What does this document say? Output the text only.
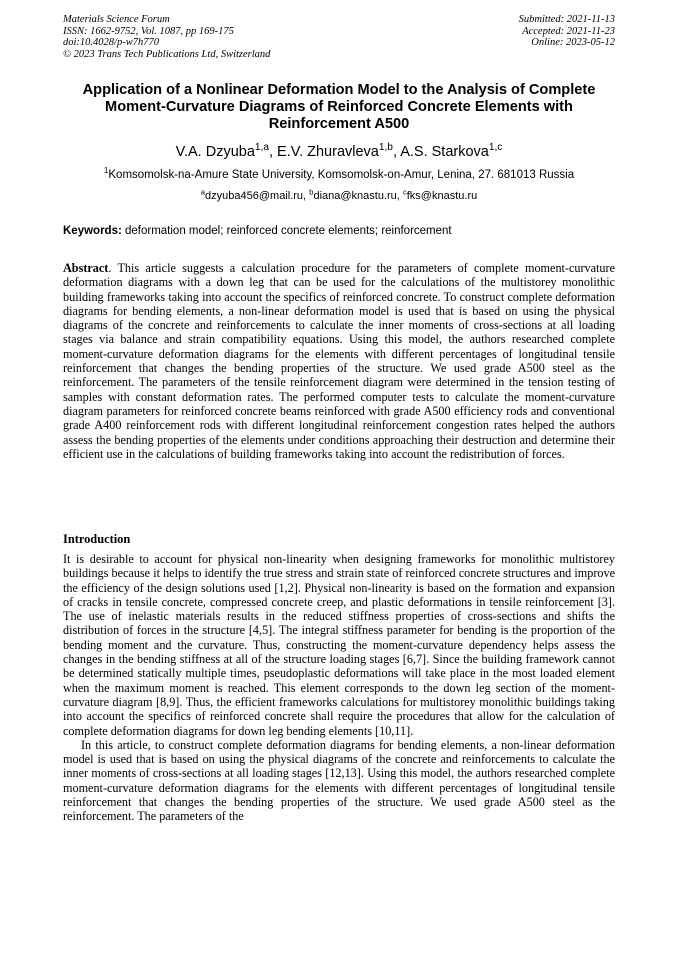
Materials Science Forum
ISSN: 1662-9752, Vol. 1087, pp 169-175
doi:10.4028/p-w7h770
© 2023 Trans Tech Publications Ltd, Switzerland
Submitted: 2021-11-13
Accepted: 2021-11-23
Online: 2023-05-12
Application of a Nonlinear Deformation Model to the Analysis of Complete Moment-Curvature Diagrams of Reinforced Concrete Elements with Reinforcement A500
V.A. Dzyuba$^{1,a}$, E.V. Zhuravleva$^{1,b}$, A.S. Starkova$^{1,c}$
$^1$Komsomolsk-na-Amure State University, Komsomolsk-on-Amur, Lenina, 27. 681013 Russia
$^a$dzyuba456@mail.ru, $^b$diana@knastu.ru, $^c$fks@knastu.ru
Keywords: deformation model; reinforced concrete elements; reinforcement
Abstract. This article suggests a calculation procedure for the parameters of complete moment-curvature deformation diagrams with a down leg that can be used for the calculations of the multistorey monolithic building frameworks taking into account the specifics of reinforced concrete. To construct complete deformation diagrams for bending elements, a non-linear deformation model is used that is based on using the physical diagrams of the concrete and reinforcements to calculate the inner moments of cross-sections at all loading stages via balance and strain compatibility equations. Using this model, the authors researched complete moment-curvature deformation diagrams for the elements with different percentages of longitudinal tensile reinforcement that changes the bending properties of the structure. We used grade A500 steel as the reinforcement. The parameters of the tensile reinforcement diagram were determined in the tension testing of samples with constant deformation rates. The performed computer tests to calculate the moment-curvature diagram parameters for reinforced concrete beams reinforced with grade A500 efficiency rods and conventional grade A400 reinforcement rods with different longitudinal reinforcement congestion rates helped the authors assess the bending properties of the elements under conditions approaching their destruction and determine their efficient use in the calculations of building frameworks taking into account the redistribution of forces.
Introduction

It is desirable to account for physical non-linearity when designing frameworks for monolithic multistorey buildings because it helps to identify the true stress and strain state of reinforced concrete structures and improve the efficiency of the design solutions used [1,2]. Physical non-linearity is based on the formation and expansion of cracks in tensile concrete, compressed concrete creep, and plastic deformations in tensile reinforcement [3]. The use of inelastic materials results in the reduced stiffness properties of cross-sections and shifts the distribution of forces in the structure [4,5]. The integral stiffness parameter for bending is the proportion of the bending moment and the curvature. Thus, constructing the moment-curvature dependency helps assess the changes in the bending stiffness at all of the structure loading stages [6,7]. Since the building framework cannot be determined statically multiple times, pseudoplastic deformations will take place in the most loaded element when the maximum moment is reached. This element corresponds to the down leg section of the moment-curvature diagram [8,9]. Thus, the efficient frameworks calculations for multistorey monolithic buildings taking into account the specifics of reinforced concrete shall require the procedures that allow for the calculation of complete deformation diagrams for down leg bending elements [10,11].

In this article, to construct complete deformation diagrams for bending elements, a non-linear deformation model is used that is based on using the physical diagrams of the concrete and reinforcements to calculate the inner moments of cross-sections at all loading stages [12,13]. Using this model, the authors researched complete moment-curvature deformation diagrams for the elements with different percentages of longitudinal tensile reinforcement that changes the bending properties of the structure. We used grade A500 steel as the reinforcement. The parameters of the
